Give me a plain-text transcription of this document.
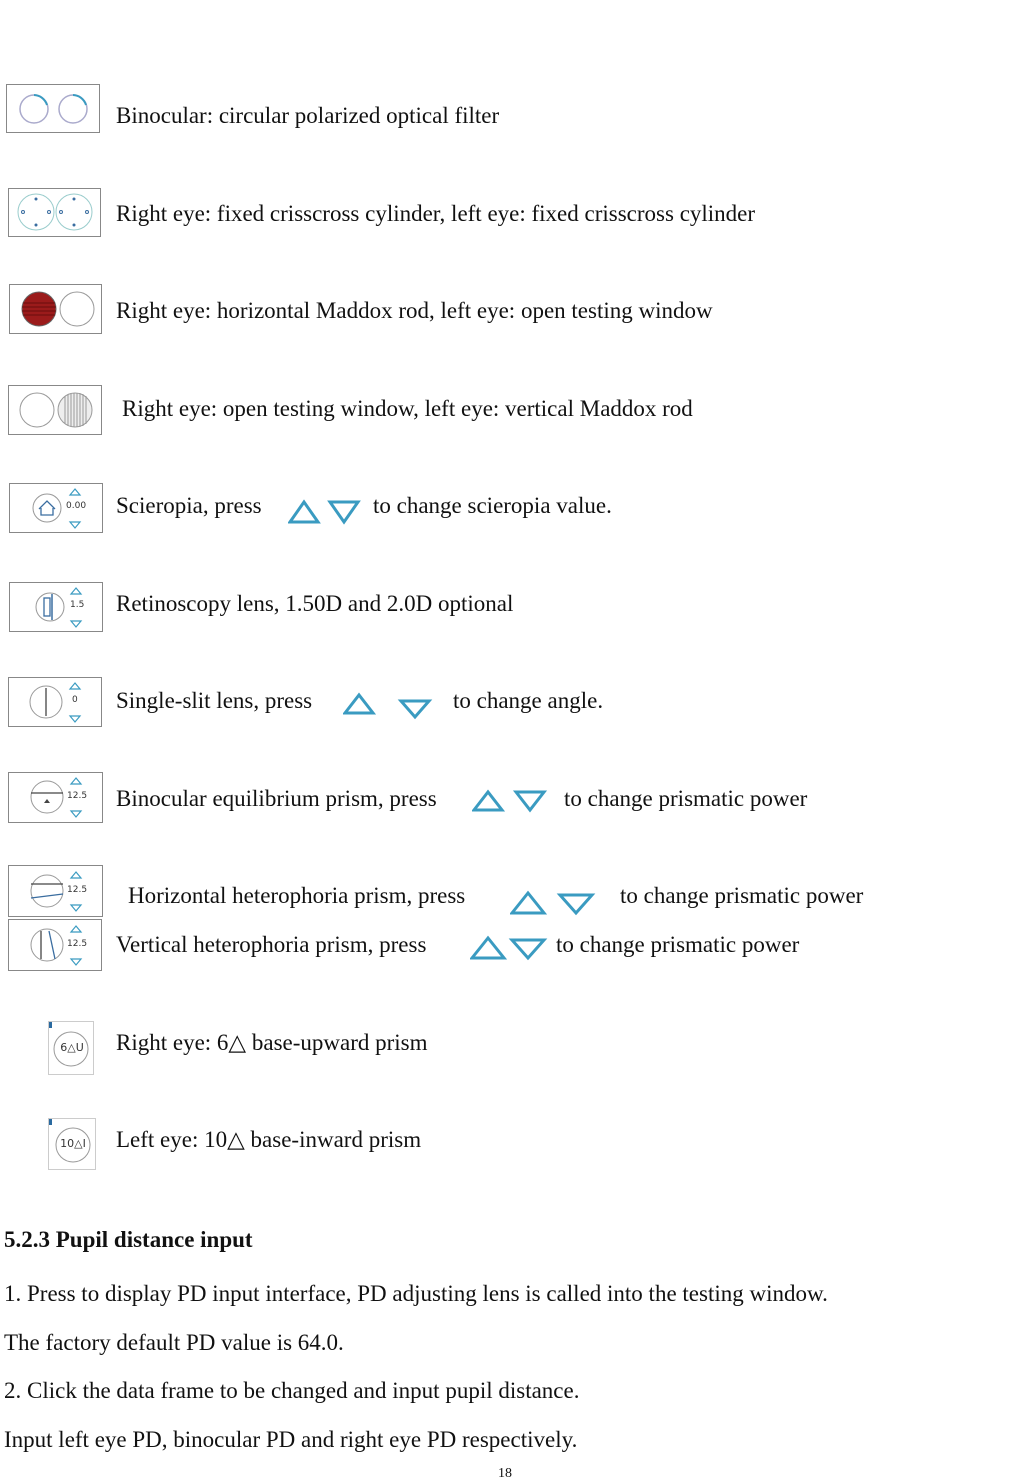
Binocular: circular polarized optical filter
Right eye: fixed crisscross cylinder, left eye: fixed crisscross cylinder
Right eye: horizontal Maddox rod, left eye: open testing window
Right eye: open testing window, left eye: vertical Maddox rod
0.00 Scieropia, press	to change scieropia value.
1.5 Retinoscopy lens, 1.50D and 2.0D optional
0 Single-slit lens, press	to change angle.
12.5 Binocular equilibrium prism, press	to change prismatic power
12.5 Horizontal heterophoria prism, press	to change prismatic power
12.5 Vertical heterophoria prism, press	to change prismatic power
6△U Right eye: 6△ base-upward prism
10△I Left eye: 10△ base-inward prism
5.2.3 Pupil distance input
1. Press to display PD input interface, PD adjusting lens is called into the testing window.
The factory default PD value is 64.0.
2. Click the data frame to be changed and input pupil distance.
Input left eye PD, binocular PD and right eye PD respectively.
18
